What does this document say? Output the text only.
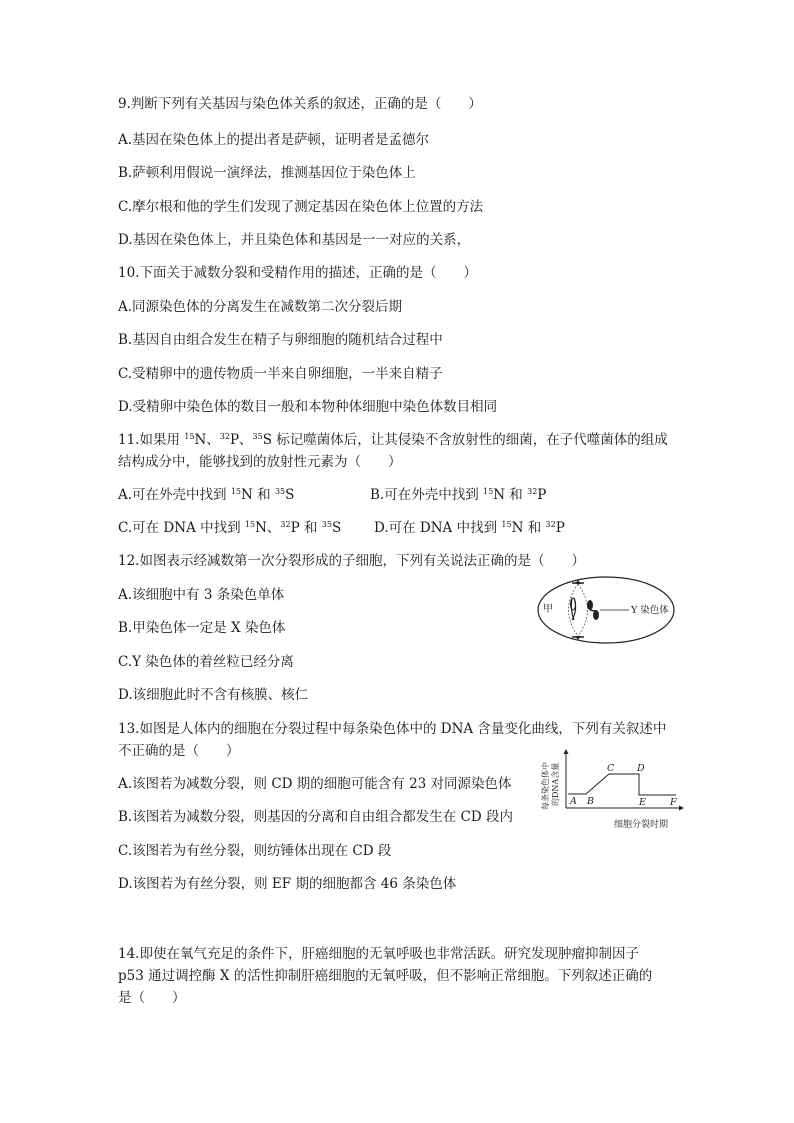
9.判断下列有关基因与染色体关系的叙述，正确的是（　　）
A.基因在染色体上的提出者是萨顿，证明者是孟德尔
B.萨顿利用假说一演绎法，推测基因位于染色体上
C.摩尔根和他的学生们发现了测定基因在染色体上位置的方法
D.基因在染色体上，并且染色体和基因是一一对应的关系，
10.下面关于减数分裂和受精作用的描述，正确的是（　　）
A.同源染色体的分离发生在减数第二次分裂后期
B.基因自由组合发生在精子与卵细胞的随机结合过程中
C.受精卵中的遗传物质一半来自卵细胞，一半来自精子
D.受精卵中染色体的数目一般和本物种体细胞中染色体数目相同
11.如果用 $^{15}$N、$^{32}$P、$^{35}$S 标记噬菌体后，让其侵染不含放射性的细菌，在子代噬菌体的组成
结构成分中，能够找到的放射性元素为（　　）
A.可在外壳中找到 $^{15}$N 和 $^{35}$S	B.可在外壳中找到 $^{15}$N 和 $^{32}$P
C.可在 DNA 中找到 $^{15}$N、$^{32}$P 和 $^{35}$S D.可在 DNA 中找到 $^{15}$N 和 $^{32}$P
12.如图表示经减数第一次分裂形成的子细胞，下列有关说法正确的是（　　）
A.该细胞中有 3 条染色单体
B.甲染色体一定是 X 染色体
C.Y 染色体的着丝粒已经分离
D.该细胞此时不含有核膜、核仁
甲	Y 染色体
13.如图是人体内的细胞在分裂过程中每条染色体中的 DNA 含量变化曲线，下列有关叙述中
不正确的是（　　）
A.该图若为减数分裂，则 CD 期的细胞可能含有 23 对同源染色体
B.该图若为减数分裂，则基因的分离和自由组合都发生在 CD 段内
C.该图若为有丝分裂，则纺锤体出现在 CD 段
D.该图若为有丝分裂，则 EF 期的细胞都含 46 条染色体
A B
C D
E	F
每条染色体中 的DNA含量
细胞分裂时期
14.即使在氧气充足的条件下，肝癌细胞的无氧呼吸也非常活跃。研究发现肿瘤抑制因子
p53 通过调控酶 X 的活性抑制肝癌细胞的无氧呼吸，但不影响正常细胞。下列叙述正确的
是（　　）
